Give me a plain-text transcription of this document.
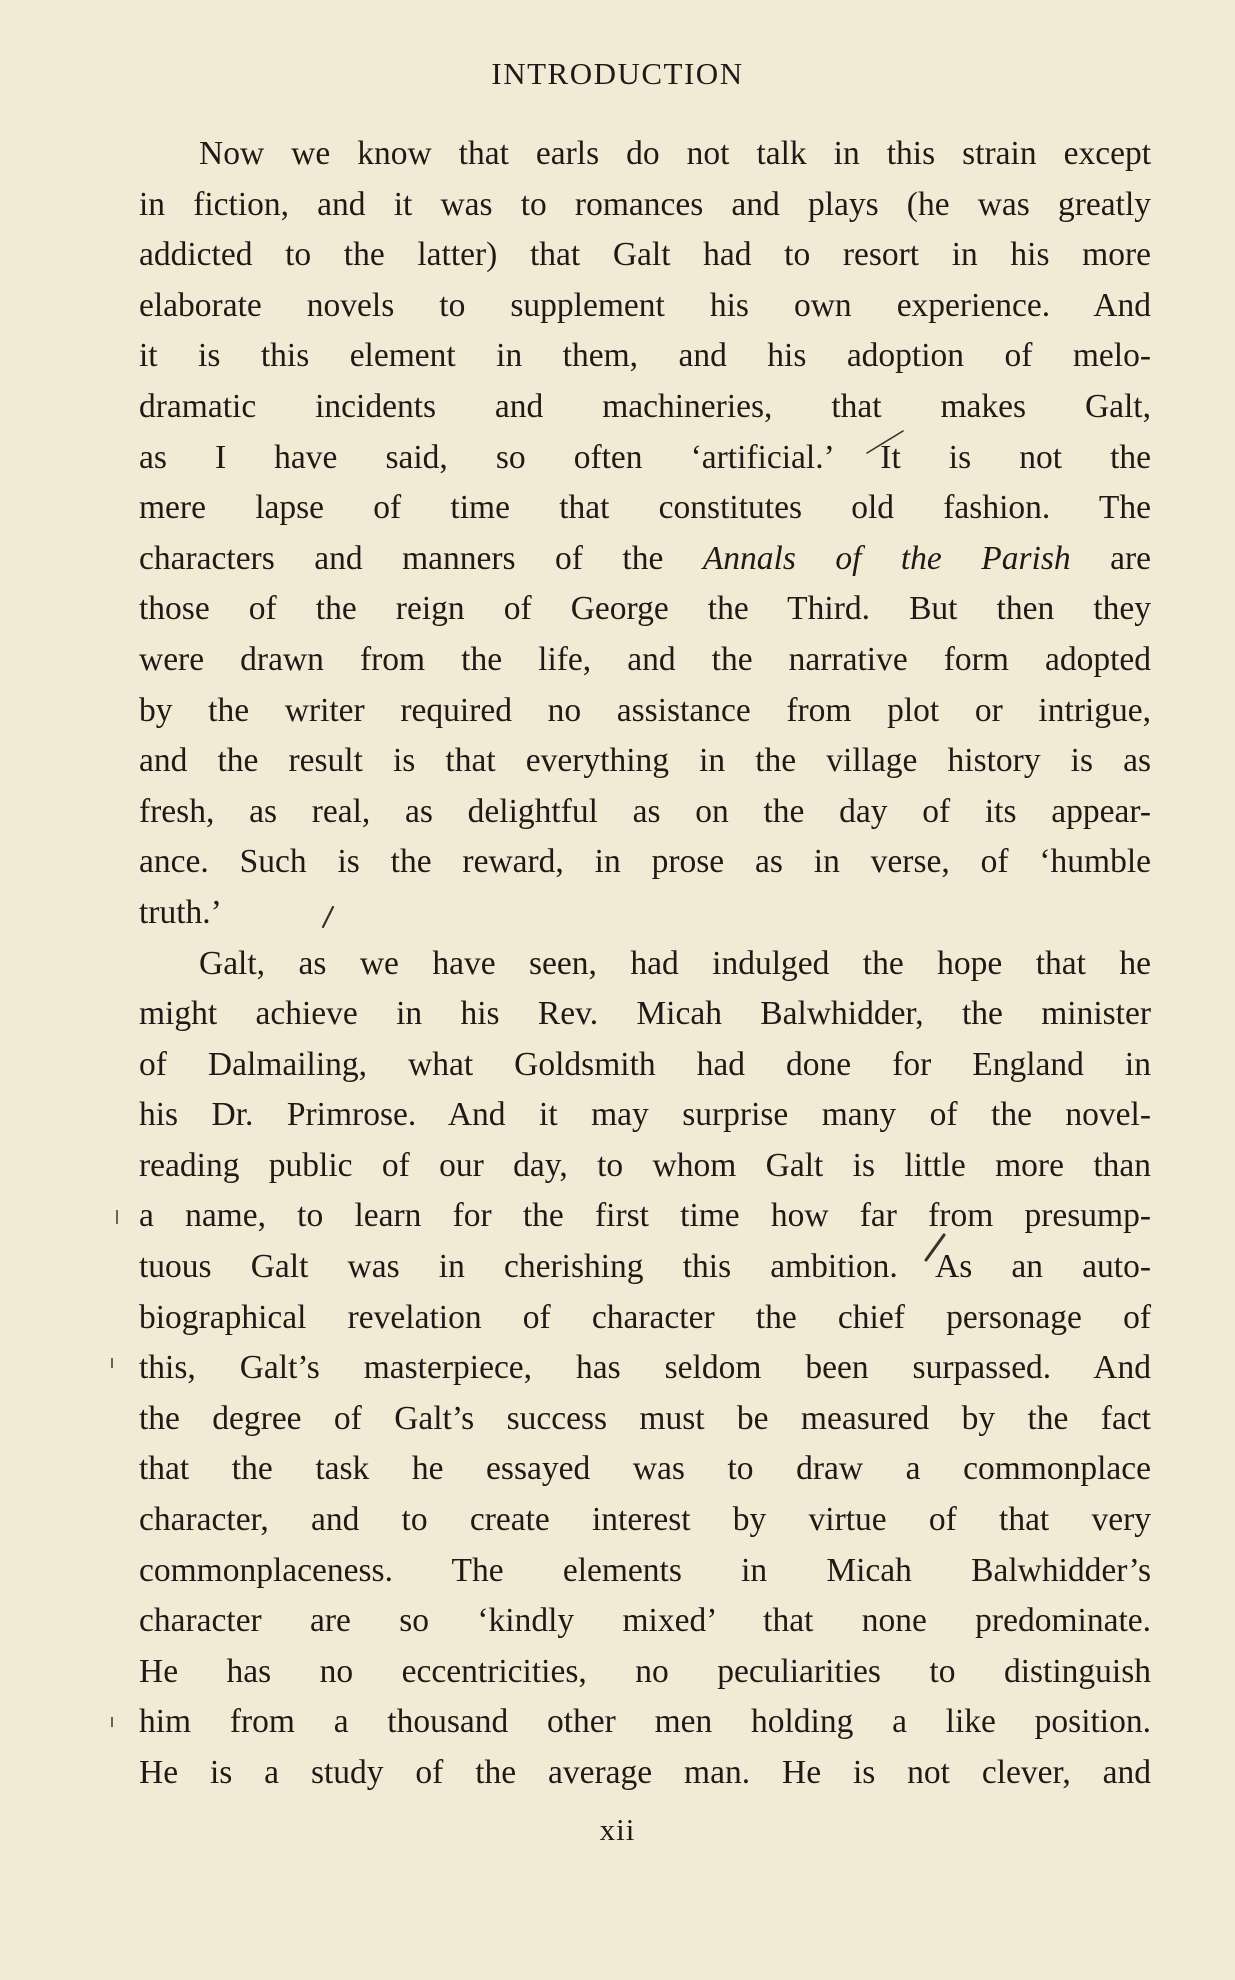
INTRODUCTION
Now we know that earls do not talk in this strain except
in fiction, and it was to romances and plays (he was greatly
addicted to the latter) that Galt had to resort in his more
elaborate novels to supplement his own experience. And
it is this element in them, and his adoption of melo-
dramatic incidents and machineries, that makes Galt,
as I have said, so often ‘artificial.’ It is not the
mere lapse of time that constitutes old fashion. The
characters and manners of the Annals of the Parish are
those of the reign of George the Third. But then they
were drawn from the life, and the narrative form adopted
by the writer required no assistance from plot or intrigue,
and the result is that everything in the village history is as
fresh, as real, as delightful as on the day of its appear-
ance. Such is the reward, in prose as in verse, of ‘humble
truth.’
Galt, as we have seen, had indulged the hope that he
might achieve in his Rev. Micah Balwhidder, the minister
of Dalmailing, what Goldsmith had done for England in
his Dr. Primrose. And it may surprise many of the novel-
reading public of our day, to whom Galt is little more than
a name, to learn for the first time how far from presump-
tuous Galt was in cherishing this ambition. As an auto-
biographical revelation of character the chief personage of
this, Galt’s masterpiece, has seldom been surpassed. And
the degree of Galt’s success must be measured by the fact
that the task he essayed was to draw a commonplace
character, and to create interest by virtue of that very
commonplaceness. The elements in Micah Balwhidder’s
character are so ‘kindly mixed’ that none predominate.
He has no eccentricities, no peculiarities to distinguish
him from a thousand other men holding a like position.
He is a study of the average man. He is not clever, and
xii
